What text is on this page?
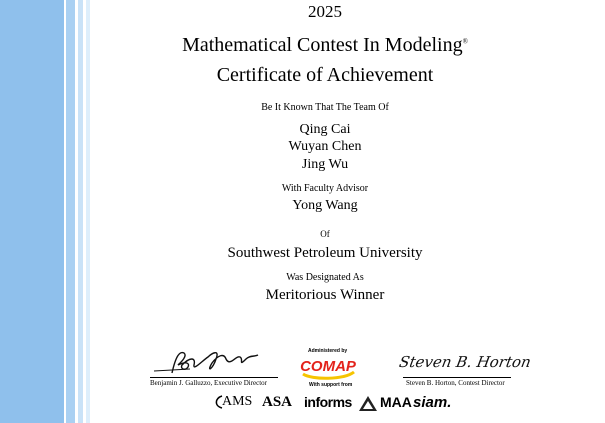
2025
Mathematical Contest In Modeling®
Certificate of Achievement
Be It Known That The Team Of
Qing Cai
Wuyan Chen
Jing Wu
With Faculty Advisor
Yong Wang
Of
Southwest Petroleum University
Was Designated As
Meritorious Winner
Benjamin J. Galluzzo, Executive Director
Administered by
COMAP
With support from
Steven B. Horton
Steven B. Horton, Contest Director
AMS ASA informs MAA siam.
